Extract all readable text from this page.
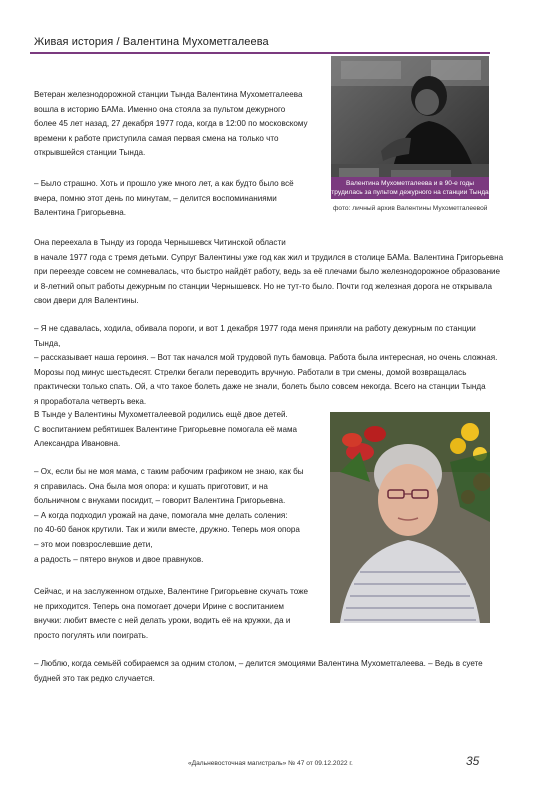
Живая история / Валентина Мухометгалеева
Валентина Мухометгалеева и в 90-е годы
трудилась за пультом дежурного на станции Тында
фото: личный архив Валентины Мухометгалеевой

Ветеран железнодорожной станции Тында Валентина Мухометгалеева
вошла в историю БАМа. Именно она стояла за пультом дежурного
более 45 лет назад, 27 декабря 1977 года, когда в 12:00 по московскому
времени к работе приступила самая первая смена на только что
открывшейся станции Тында.

– Было страшно. Хоть и прошло уже много лет, а как будто было всё
вчера, помню этот день по минутам, – делится воспоминаниями
Валентина Григорьевна.

Она переехала в Тынду из города Чернышевск Читинской области
в начале 1977 года с тремя детьми. Супруг Валентины уже год как жил и трудился в столице БАМа. Валентина Григорьевна
при переезде совсем не сомневалась, что быстро найдёт работу, ведь за её плечами было железнодорожное образование
и 8-летний опыт работы дежурным по станции Чернышевск. Но не тут-то было. Почти год железная дорога не открывала
свои двери для Валентины.

– Я не сдавалась, ходила, обивала пороги, и вот 1 декабря 1977 года меня приняли на работу дежурным по станции Тында,
– рассказывает наша героиня. – Вот так начался мой трудовой путь бамовца. Работа была интересная, но очень сложная.
Морозы под минус шестьдесят. Стрелки бегали переводить вручную. Работали в три смены, домой возвращалась
практически только спать. Ой, а что такое болеть даже не знали, болеть было совсем некогда. Всего на станции Тында
я проработала четверть века.

В Тынде у Валентины Мухометгалеевой родились ещё двое детей.
С воспитанием ребятишек Валентине Григорьевне помогала её мама
Александра Ивановна.

– Ох, если бы не моя мама, с таким рабочим графиком не знаю, как бы
я справилась. Она была моя опора: и кушать приготовит, и на
больничном с внуками посидит, – говорит Валентина Григорьевна.
– А когда подходил урожай на даче, помогала мне делать соления:
по 40-60 банок крутили. Так и жили вместе, дружно. Теперь моя опора
– это мои повзрослевшие дети,
а радость – пятеро внуков и двое правнуков.

Сейчас, и на заслуженном отдыхе, Валентине Григорьевне скучать тоже
не приходится. Теперь она помогает дочери Ирине с воспитанием
внучки: любит вместе с ней делать уроки, водить её на кружки, да и
просто погулять или поиграть.

– Люблю, когда семьёй собираемся за одним столом, – делится эмоциями Валентина Мухометгалеева. – Ведь в суете
будней это так редко случается.

«Дальневосточная магистраль» № 47 от 09.12.2022 г.	35
